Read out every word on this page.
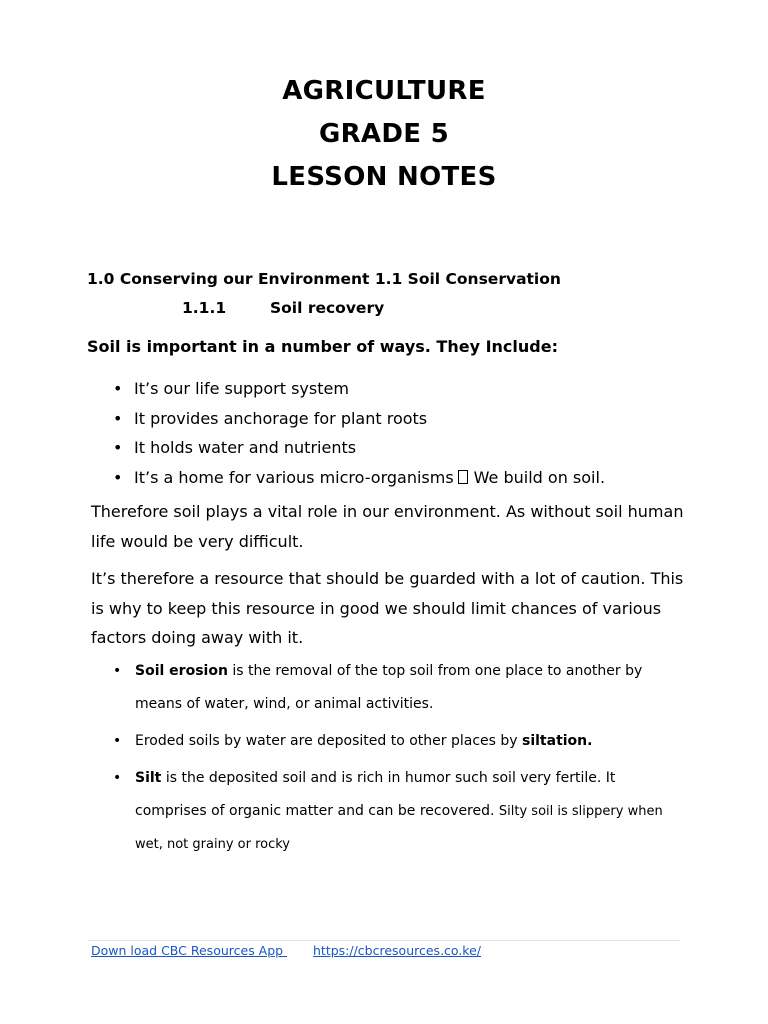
AGRICULTURE
GRADE 5
LESSON NOTES
1.0 Conserving our Environment 1.1 Soil Conservation
1.1.1	Soil recovery
Soil is important in a number of ways. They Include:
• It’s our life support system
• It provides anchorage for plant roots
• It holds water and nutrients
• It’s a home for various micro-organisms We build on soil.
Therefore soil plays a vital role in our environment. As without soil human life would be very difficult.
It’s therefore a resource that should be guarded with a lot of caution. This is why to keep this resource in good we should limit chances of various factors doing away with it.
• Soil erosion is the removal of the top soil from one place to another by means of water, wind, or animal activities.
• Eroded soils by water are deposited to other places by siltation.
• Silt is the deposited soil and is rich in humor such soil very fertile. It comprises of organic matter and can be recovered. Silty soil is slippery when wet, not grainy or rocky
Down load CBC Resources App https://cbcresources.co.ke/
